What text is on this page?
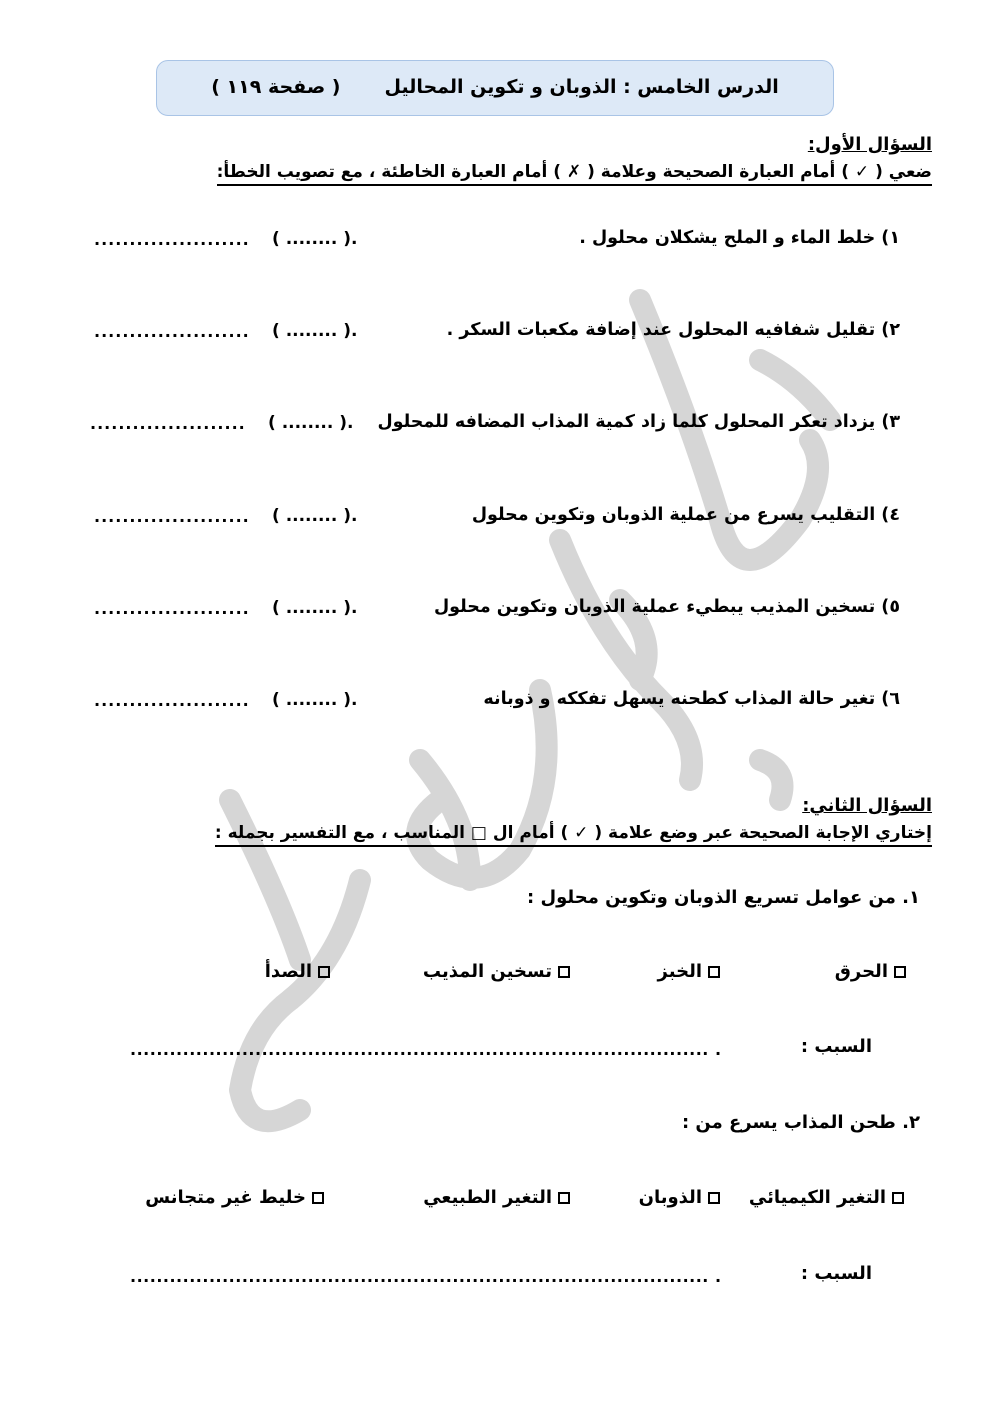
الدرس الخامس : الذوبان و تكوين المحاليل( صفحة ١١٩ )
السؤال الأول:
ضعي ( ✓ ) أمام العبارة الصحيحة وعلامة ( ✗ ) أمام العبارة الخاطئة ، مع تصويب الخطأ:
١) خلط الماء و الملح يشكلان محلول .
( ........ ).
......................
٢) تقليل شفافيه المحلول عند إضافة مكعبات السكر .
( ........ ).
......................
٣) يزداد تعكر المحلول كلما زاد كمية المذاب المضافه للمحلول
( ........ ).
......................
٤) التقليب يسرع من عملية الذوبان وتكوين محلول
( ........ ).
......................
٥) تسخين المذيب يبطيء عملية الذوبان وتكوين محلول
( ........ ).
......................
٦) تغير حالة المذاب كطحنه يسهل تفككه و ذوبانه
( ........ ).
......................
السؤال الثاني:
إختاري الإجابة الصحيحة عبر وضع علامة ( ✓ ) أمام ال □ المناسب ، مع التفسير بجمله :
١. من عوامل تسريع الذوبان وتكوين محلول :
الحرق
الخبز
تسخين المذيب
الصدأ
السبب :
........................................................................................ .
٢. طحن المذاب يسرع من :
التغير الكيميائي
الذوبان
التغير الطبيعي
خليط غير متجانس
السبب :
........................................................................................ .
